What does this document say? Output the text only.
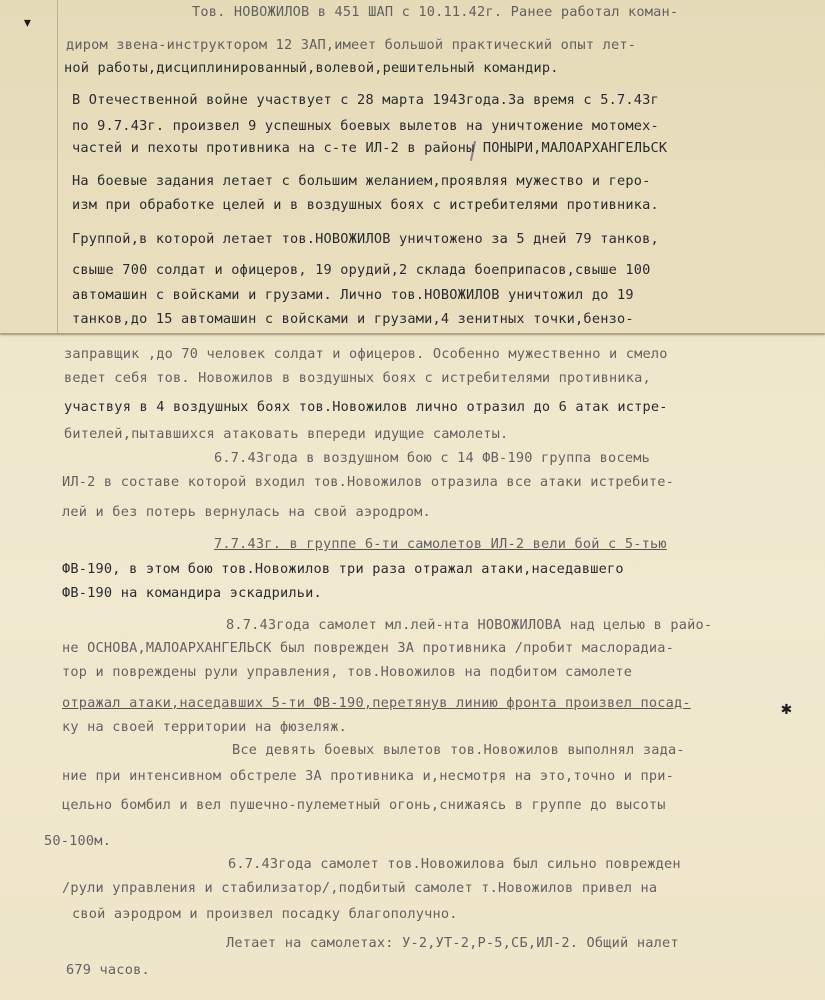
▾
✱
Тов. НОВОЖИЛОВ в 451 ШАП с 10.11.42г. Ранее работал коман-
диром звена-инструктором 12 ЗАП,имеет большой практический опыт лет-
ной работы,дисциплинированный,волевой,решительный командир.
В Отечественной войне участвует с 28 марта 1943года.За время с 5.7.43г
по 9.7.43г. произвел 9 успешных боевых вылетов на уничтожение мотомех-
частей и пехоты противника на с-те ИЛ-2 в районы ПОНЫРИ,МАЛОАРХАНГЕЛЬСК
На боевые задания летает с большим желанием,проявляя мужество и геро-
изм при обработке целей и в воздушных боях с истребителями противника.
Группой,в которой летает тов.НОВОЖИЛОВ уничтожено за 5 дней 79 танков,
свыше 700 солдат и офицеров, 19 орудий,2 склада боеприпасов,свыше 100
автомашин с войсками и грузами. Лично тов.НОВОЖИЛОВ уничтожил до 19
танков,до 15 автомашин с войсками и грузами,4 зенитных точки,бензо-
заправщик ,до 70 человек солдат и офицеров. Особенно мужественно и смело
ведет себя тов. Новожилов в воздушных боях с истребителями противника,
участвуя в 4 воздушных боях тов.Новожилов лично отразил до 6 атак истре-
бителей,пытавшихся атаковать впереди идущие самолеты.
6.7.43года в воздушном бою с 14 ФВ-190 группа восемь
ИЛ-2 в составе которой входил тов.Новожилов отразила все атаки истребите-
лей и без потерь вернулась на свой аэродром.
7.7.43г. в группе 6-ти самолетов ИЛ-2 вели бой с 5-тью
ФВ-190, в этом бою тов.Новожилов три раза отражал атаки,наседавшего
ФВ-190 на командира эскадрильи.
8.7.43года самолет мл.лей-нта НОВОЖИЛОВА над целью в райо-
не ОСНОВА,МАЛОАРХАНГЕЛЬСК был поврежден ЗА противника /пробит маслорадиа-
тор и повреждены рули управления, тов.Новожилов на подбитом самолете
отражал атаки,наседавших 5-ти ФВ-190,перетянув линию фронта произвел посад-
ку на своей территории на фюзеляж.
Все девять боевых вылетов тов.Новожилов выполнял зада-
ние при интенсивном обстреле ЗА противника и,несмотря на это,точно и при-
цельно бомбил и вел пушечно-пулеметный огонь,снижаясь в группе до высоты
50-100м.
6.7.43года самолет тов.Новожилова был сильно поврежден
/рули управления и стабилизатор/,подбитый самолет т.Новожилов привел на
свой аэродром и произвел посадку благополучно.
Летает на самолетах: У-2,УТ-2,Р-5,СБ,ИЛ-2. Общий налет
679 часов.
